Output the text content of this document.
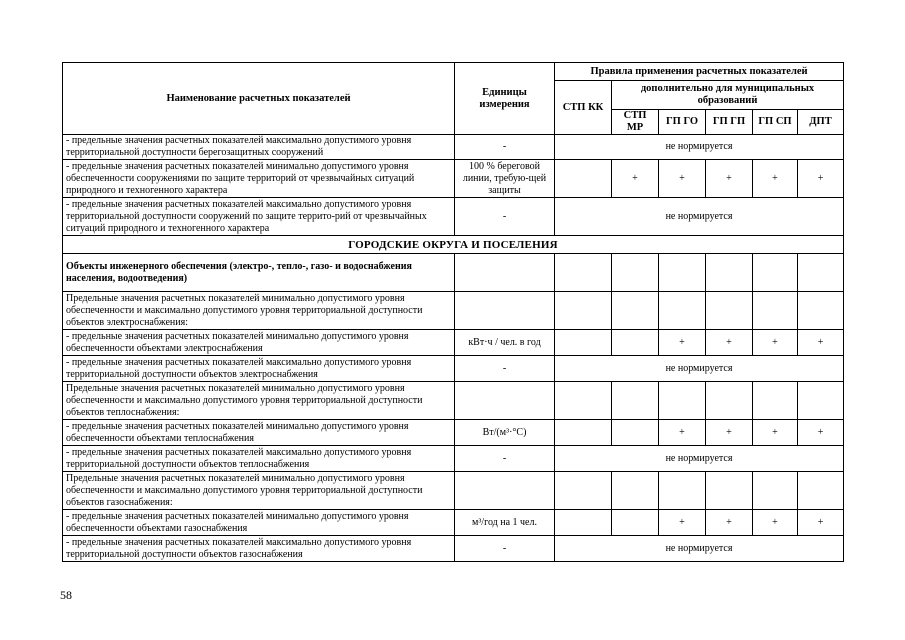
Наименование расчетных показателей	Единицы измерения	Правила применения расчетных показателей					
		СТП КК	дополнительно для муниципальных образований				
			СТП МР	ГП ГО	ГП ГП	ГП СП	ДПТ
- предельные значения расчетных показателей максимально допустимого уровня территориальной доступности берегозащитных сооружений	-	не нормируется					
- предельные значения расчетных показателей минимально допустимого уровня обеспеченности сооружениями по защите территорий от чрезвычайных ситуаций природного и техногенного характера	100 % береговой линии, требую-щей защиты		+	+	+	+	+
- предельные значения расчетных показателей максимально допустимого уровня территориальной доступности сооружений по защите террито-рий от чрезвычайных ситуаций природного и техногенного характера	-	не нормируется					
ГОРОДСКИЕ ОКРУГА И ПОСЕЛЕНИЯ							
Объекты инженерного обеспечения (электро-, тепло-, газо- и водоснабжения населения, водоотведения)							
Предельные значения расчетных показателей минимально допустимого уровня обеспеченности и максимально допустимого уровня территориальной доступности объектов электроснабжения:							
- предельные значения расчетных показателей минимально допустимого уровня обеспеченности объектами электроснабжения	кВт·ч / чел. в год			+	+	+	+
- предельные значения расчетных показателей максимально допустимого уровня территориальной доступности объектов электроснабжения	-	не нормируется					
Предельные значения расчетных показателей минимально допустимого уровня обеспеченности и максимально допустимого уровня территориальной доступности объектов теплоснабжения:							
- предельные значения расчетных показателей минимально допустимого уровня обеспеченности объектами теплоснабжения	Вт/(м³·°С)			+	+	+	+
- предельные значения расчетных показателей максимально допустимого уровня территориальной доступности объектов теплоснабжения	-	не нормируется					
Предельные значения расчетных показателей минимально допустимого уровня обеспеченности и максимально допустимого уровня территориальной доступности объектов газоснабжения:							
- предельные значения расчетных показателей минимально допустимого уровня обеспеченности объектами газоснабжения	м³/год на 1 чел.			+	+	+	+
- предельные значения расчетных показателей максимально допустимого уровня территориальной доступности объектов газоснабжения	-	не нормируется					
58
